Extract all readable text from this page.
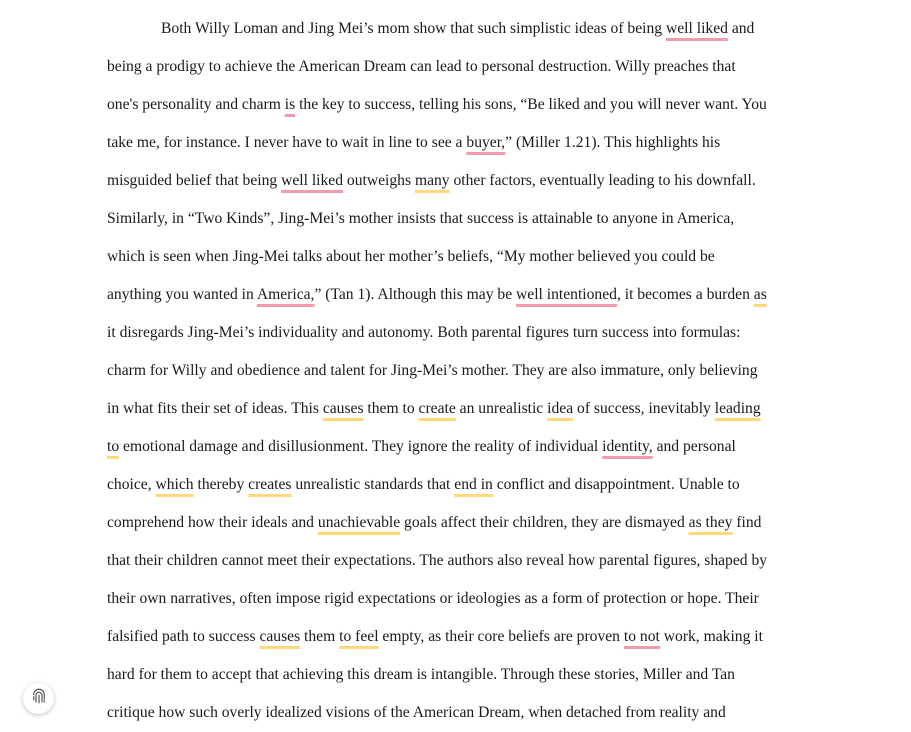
Both Willy Loman and Jing Mei’s mom show that such simplistic ideas of being well liked and
being a prodigy to achieve the American Dream can lead to personal destruction. Willy preaches that
one's personality and charm is the key to success, telling his sons, “Be liked and you will never want. You
take me, for instance. I never have to wait in line to see a buyer,” (Miller 1.21). This highlights his
misguided belief that being well liked outweighs many other factors, eventually leading to his downfall.
Similarly, in “Two Kinds”, Jing-Mei’s mother insists that success is attainable to anyone in America,
which is seen when Jing-Mei talks about her mother’s beliefs, “My mother believed you could be
anything you wanted in America,” (Tan 1). Although this may be well intentioned, it becomes a burden as
it disregards Jing-Mei’s individuality and autonomy. Both parental figures turn success into formulas:
charm for Willy and obedience and talent for Jing-Mei’s mother. They are also immature, only believing
in what fits their set of ideas. This causes them to create an unrealistic idea of success, inevitably leading
to emotional damage and disillusionment. They ignore the reality of individual identity, and personal
choice, which thereby creates unrealistic standards that end in conflict and disappointment. Unable to
comprehend how their ideals and unachievable goals affect their children, they are dismayed as they find
that their children cannot meet their expectations. The authors also reveal how parental figures, shaped by
their own narratives, often impose rigid expectations or ideologies as a form of protection or hope. Their
falsified path to success causes them to feel empty, as their core beliefs are proven to not work, making it
hard for them to accept that achieving this dream is intangible. Through these stories, Miller and Tan
critique how such overly idealized visions of the American Dream, when detached from reality and
